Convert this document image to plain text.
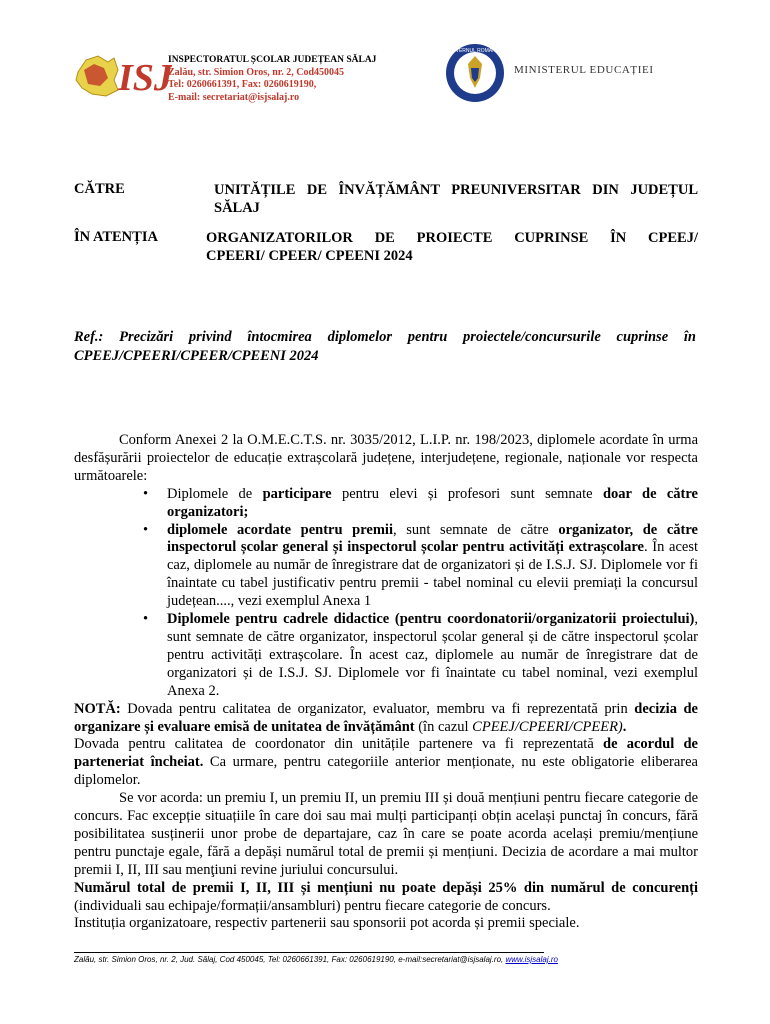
ISJ
INSPECTORATUL ȘCOLAR JUDEȚEAN SĂLAJ
Zalău, str. Simion Oros, nr. 2, Cod450045
Tel: 0260661391, Fax: 0260619190,
E-mail: secretariat@isjsalaj.ro
GUVERNUL ROMÂNIEI
MINISTERUL EDUCAȚIEI
CĂTRE	UNITĂȚILE DE ÎNVĂȚĂMÂNT PREUNIVERSITAR DIN JUDEȚUL
SĂLAJ
ÎN ATENȚIA	ORGANIZATORILOR DE PROIECTE CUPRINSE ÎN CPEEJ/
CPEERI/ CPEER/ CPEENI 2024
Ref.: Precizări privind întocmirea diplomelor pentru proiectele/concursurile cuprinse în
CPEEJ/CPEERI/CPEER/CPEENI 2024

Conform Anexei 2 la O.M.E.C.T.S. nr. 3035/2012, L.I.P. nr. 198/2023, diplomele acordate în urma desfășurării proiectelor de educație extrașcolară județene, interjudețene, regionale, naționale vor respecta următoarele:

• Diplomele de participare pentru elevi și profesori sunt semnate doar de către organizatori;
• diplomele acordate pentru premii, sunt semnate de către organizator, de către inspectorul școlar general și inspectorul școlar pentru activități extrașcolare. În acest caz, diplomele au număr de înregistrare dat de organizatori și de I.S.J. SJ. Diplomele vor fi înaintate cu tabel justificativ pentru premii - tabel nominal cu elevii premiați la concursul județean...., vezi exemplul Anexa 1
• Diplomele pentru cadrele didactice (pentru coordonatorii/organizatorii proiectului), sunt semnate de către organizator, inspectorul școlar general și de către inspectorul școlar pentru activități extrașcolare. În acest caz, diplomele au număr de înregistrare dat de organizatori și de I.S.J. SJ. Diplomele vor fi înaintate cu tabel nominal, vezi exemplul Anexa 2.

NOTĂ: Dovada pentru calitatea de organizator, evaluator, membru va fi reprezentată prin decizia de organizare și evaluare emisă de unitatea de învățământ (în cazul CPEEJ/CPEERI/CPEER).

Dovada pentru calitatea de coordonator din unitățile partenere va fi reprezentată de acordul de parteneriat încheiat. Ca urmare, pentru categoriile anterior menționate, nu este obligatorie eliberarea diplomelor.

Se vor acorda: un premiu I, un premiu II, un premiu III și două mențiuni pentru fiecare categorie de concurs. Fac excepție situațiile în care doi sau mai mulți participanți obțin același punctaj în concurs, fără posibilitatea susținerii unor probe de departajare, caz în care se poate acorda același premiu/mențiune pentru punctaje egale, fără a depăși numărul total de premii și mențiuni. Decizia de acordare a mai multor premii I, II, III sau menţiuni revine juriului concursului.

Numărul total de premii I, II, III și mențiuni nu poate depăși 25% din numărul de concurenți (individuali sau echipaje/formații/ansambluri) pentru fiecare categorie de concurs.

Instituția organizatoare, respectiv partenerii sau sponsorii pot acorda și premii speciale.

Zalău, str. Simion Oros, nr. 2, Jud. Sălaj, Cod 450045, Tel: 0260661391, Fax: 0260619190, e-mail:secretariat@isjsalaj.ro, www.isjsalaj.ro
